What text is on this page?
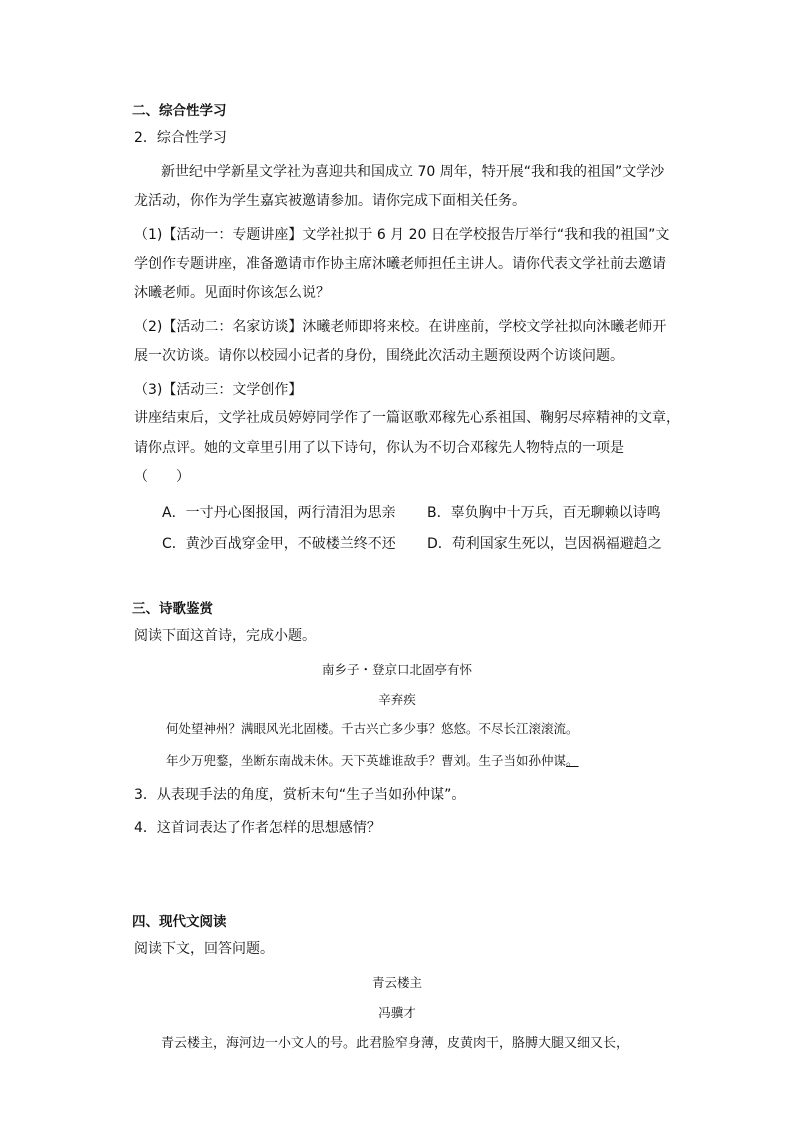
二、综合性学习
2．综合性学习
新世纪中学新星文学社为喜迎共和国成立 70 周年，特开展“我和我的祖国”文学沙
龙活动，你作为学生嘉宾被邀请参加。请你完成下面相关任务。
（1)【活动一：专题讲座】文学社拟于 6 月 20 日在学校报告厅举行“我和我的祖国”文
学创作专题讲座，准备邀请市作协主席沐曦老师担任主讲人。请你代表文学社前去邀请
沐曦老师。见面时你该怎么说？
（2)【活动二：名家访谈】沐曦老师即将来校。在讲座前，学校文学社拟向沐曦老师开
展一次访谈。请你以校园小记者的身份，围绕此次活动主题预设两个访谈问题。
（3)【活动三：文学创作】
讲座结束后，文学社成员婷婷同学作了一篇讴歌邓稼先心系祖国、鞠躬尽瘁精神的文章，
请你点评。她的文章里引用了以下诗句，你认为不切合邓稼先人物特点的一项是
（　　）
A．一寸丹心图报国，两行清泪为思亲 B．辜负胸中十万兵，百无聊赖以诗鸣
C．黄沙百战穿金甲，不破楼兰终不还 D．苟利国家生死以，岂因祸福避趋之
三、诗歌鉴赏
阅读下面这首诗，完成小题。
南乡子・登京口北固亭有怀
辛弃疾
何处望神州？满眼风光北固楼。千古兴亡多少事？悠悠。不尽长江滚滚流。
年少万兜鍪，坐断东南战未休。天下英雄谁敌手？曹刘。生子当如孙仲谋。
3．从表现手法的角度，赏析末句“生子当如孙仲谋”。
4．这首词表达了作者怎样的思想感情？
四、现代文阅读
阅读下文，回答问题。
青云楼主
冯骥才
青云楼主，海河边一小文人的号。此君脸窄身薄，皮黄肉干，胳膊大腿又细又长，
